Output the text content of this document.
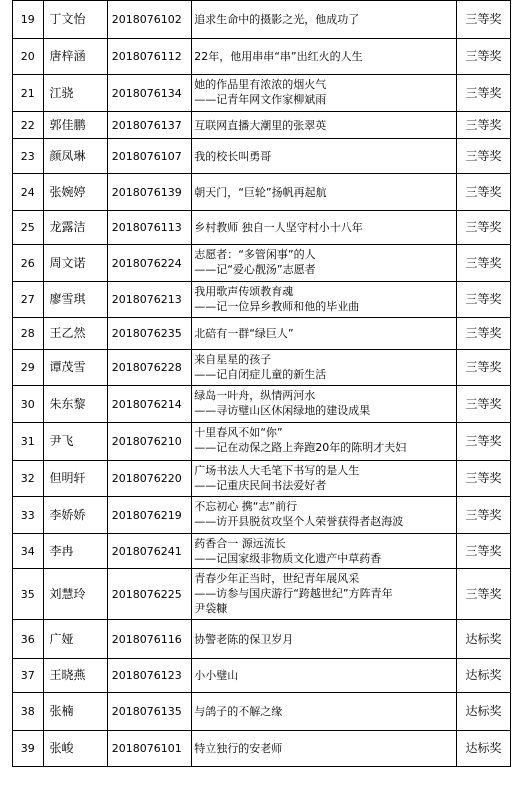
19	丁文怡	2018076102	追求生命中的摄影之光，他成功了	三等奖
20	唐梓涵	2018076112	22年，他用串串“串”出红火的人生	三等奖
21	江骁	2018076134	她的作品里有浓浓的烟火气
——记青年网文作家柳斌雨	三等奖
22	郭佳鹏	2018076137	互联网直播大潮里的张翠英	三等奖
23	颜凤琳	2018076107	我的校长叫勇哥	三等奖
24	张婉婷	2018076139	朝天门，“巨轮”扬帆再起航	三等奖
25	龙露洁	2018076113	乡村教师 独自一人坚守村小十八年	三等奖
26	周文诺	2018076224	志愿者：“多管闲事”的人
——记“爱心靓汤”志愿者	三等奖
27	廖雪琪	2018076213	我用歌声传颂教育魂
——记一位异乡教师和他的毕业曲	三等奖
28	王乙然	2018076235	北碚有一群“绿巨人”	三等奖
29	谭茂雪	2018076228	来自星星的孩子
——记自闭症儿童的新生活	三等奖
30	朱东黎	2018076214	绿岛一叶舟，纵情两河水
——寻访璧山区休闲绿地的建设成果	三等奖
31	尹飞	2018076210	十里春风不如“你”
——记在动保之路上奔跑20年的陈明才夫妇	三等奖
32	但明轩	2018076220	广场书法人大毛笔下书写的是人生
——记重庆民间书法爱好者	三等奖
33	李娇娇	2018076219	不忘初心 携“志”前行
——访开县脱贫攻坚个人荣誉获得者赵海波	三等奖
34	李冉	2018076241	药香合一 源远流长
——记国家级非物质文化遗产中草药香	三等奖
35	刘慧玲	2018076225	青春少年正当时，世纪青年展风采
——访参与国庆游行“跨越世纪”方阵青年
尹袋糠	三等奖
36	广娅	2018076116	协警老陈的保卫岁月	达标奖
37	王晓燕	2018076123	小小璧山	达标奖
38	张楠	2018076135	与鸽子的不解之缘	达标奖
39	张峻	2018076101	特立独行的安老师	达标奖
